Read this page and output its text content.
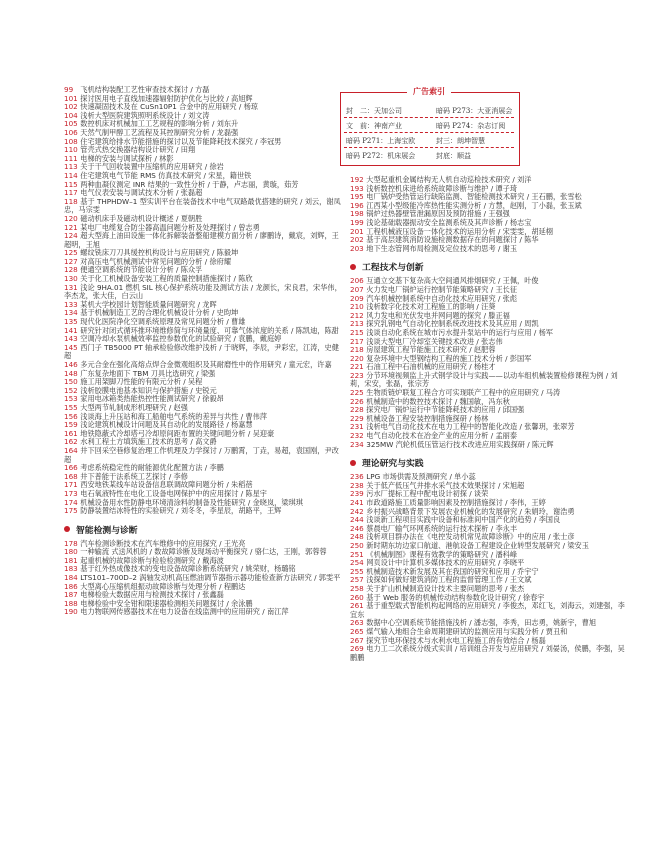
广告索引
封　二：天加公司	暗码 P273：大亚消展会
文　前：神南产业	暗码 P274：杂志订阅
暗码 P271：上海宝欧	封三：朗坤智慧
暗码 P272：机床展会	封底：顺益

99 飞机结构装配工艺性审查技术探讨 / 方磊

101 探讨医用电子直线加速器辐射防护优化与比较 / 高旭辉

102 快速凝固技术及在 CuSn10P1 合金中的应用研究 / 杨琼

104 浅析大型医院建筑照明系统设计 / 刘文涛

105 数控机床对机械加工工艺规程的影响分析 / 刘东升

106 天然气制甲醇工艺流程及其控制研究分析 / 龙磊强

108 住宅建筑给排水节能措施的探讨以及节能降耗技术探究 / 李冠男

110 管壳式热交换器结构设计研究 / 田翔

111 电梯的安装与调试探析 / 林影

113 关于干气回收装置中压缩机的应用研究 / 徐岩

114 住宅建筑电气节能 RMS 仿真技术研究 / 宋星，籍世铁

115 两种血凝仪测定 INR 结果的一致性分析 / 于静，卢志丽，黄璇，茹芳

117 电气仪表安装与调试技术分析 / 张磊超

118 基于 THPHDW–1 型实训平台在装备技术中电气双路最优搭建的研究 / 刘云，谢凤忠，马宗雯

120 磁动机床手及磁动机设计概述 / 夏朝胜

121 某电厂电缆复合防尘器高温问题分析及处理探讨 / 曾志勇

124 超大型海上油田设施一体化拆解装备整船建模方面分析 / 廖鹏诗，戴宸，刘辉，王超明，王旭

125 螺纹铣床刀刀具缓控机构设计与应用研究 / 陈毅坤

127 对高压电气机械测试中常见问题的分析 / 徐府耀

128 便通空调系统的节能设计分析 / 陈众孚

130 关于化工机械设备安装工程的质量控制措施探讨 / 陈欣

131 浅论 9HA.01 燃机 SIL 核心保护系统功能及测试方法 / 龙颜长，宋良君，宋华伟，李杰龙，张大佳，白云山

133 某机大学校园计划智能质量问题研究 / 龙晖

134 基于机械制造工艺的合理化机械设计分析 / 史昀坤

135 现代化医院净化空调系统原理及常见问题分析 / 曹雄

141 研究针对闭式循环推环境维修简与环境量度、可靠气体浓度的关系 / 陈凯迪，陈甜

143 空调冷却水泵机械效率监控参数优化的试验研究 / 袁鹏，戴庭婷

145 西门子 TB5000 PT 轴承检验修改维护浅析 / 于晓辉，李辰，尹彩宏，江涛，史健超

146 多元合金在强化高熔点焊合金微观组织及其耐磨性中的作用研究 / 童元宏，许嘉

148 广东复杂地面下 TBM 刀具比选研究 / 梁强

150 施工用架脚刀性能的有限元分析 / 吴程

152 浅析胶膜电池基本知识与保护措施 / 史锐元

153 家用电冰箱类热能热控性能测试研究 / 徐毅昂

155 大型两节轧制成形机理研究 / 赵强

156 浅谈海上升压站和海工船舶电气系统的差异与共性 / 曹伟萍

159 浅论建筑机械设计问题及其自动化的发展路径 / 杨嘉慧

161 地铁隐蔽式冷却塔弓冷却原间距布置的关键问题分析 / 吴迎豪

162 水利工程土方填筑施工技术的思考 / 高文爵

164 井下回采空巷修复治理工作机理及力学探讨 / 万鹏霄，丁垚，易超，袁国刚，尹改超

166 考虑系统稳定性的耐能源优化配置方法 / 李鹏

168 井下普能干法系统工艺探讨 / 李修

171 西安地铁某线车站设备信息联调故障问题分析 / 朱稻蓓

173 电石氧液特性在电化工设备电网保护中的应用探讨 / 陈星宇

174 机械设备用水性防静电环境清涂料的制备及性能研究 / 金晓岚，梁琪琪

175 防静装置结冰特性的实验研究 / 刘冬冬，李星辰，胡路平，王辉

智能检测与诊断

178 汽车检测诊断技术在汽车维修中的应用探究 / 王光亮

180 一种输流 式送风机的 / 数故障诊断及现场动平衡探究 / 骆仁达，王刚，郭蓉蓉

181 起重机械的故障诊断与检验检测研究 / 戴海波

183 基于红外热成像技术的变电设备故障诊断系统研究 / 姚荣财，杨璐铭

184 LTS101–700D–2 涡轴发动机高压燃油调节器指示器功能检查新方法研究 / 郭雯平

186 大型离心压缩机组振动故障诊断与处理分析 / 程鹏达

187 电梯检验大数据应用与检测技术探讨 / 张鑫磊

188 电梯检验中安全钳和限速器检测相关问题探讨 / 余泳鹏

190 电力物联网传感器技术在电力设备在线监测中的应用研究 / 南江萍

192 大型起重机金属结构无人机自动巡检技术研究 / 刘洋

193 浅析数控机床进给系统故障诊断与维护 / 谭子琦

195 电厂锅炉受热管运行缺陷监测、智能检测技术研究 / 王石鹏，张雪松

196 江西某小型级能冷库热性能实测分析 / 方慧，赵刚，丁小磊，张玉斌

198 锅炉过热器壁管泄漏原因及预防措施 / 王强强

199 浅论基础载器振动安全监测系统及其声诊断 / 杨志宝

201 工程机械液压设备一体化技术的运用分析 / 宋雯雯，胡延栩

202 基于高层建筑消防设施检测数据存在的问题探讨 / 陈华

203 地下生态管网布局检测及定位技术的思考 / 谢玉

工程技术与创新

206 互通立交基下复杂高大空间通风排烟研究 / 王佩，叶俊

207 火力发电厂锅炉运行控制节能策略研究 / 王长征

209 汽车机械控制系统中自动化技术应用研究 / 张彪

210 浅析数字化技术对工程施工的影响 / 汪葵

212 风力发电和光伏发电并网问题的探究 / 滕正福

213 探究乳钢电气自动化控制系统改进技术及其应用 / 周凯

215 浅谈自动化系统在城市污水提升泵站中的运行与应用 / 杨军

217 浅谈大型电厂冷却室关键技术改进 / 张志伟

218 房屋建筑工程节能施工技术研究 / 赵肥蓉

220 复杂环境中大型钢结构工程的施工技术分析 / 彭国军

221 石油工程中石油机械的应用研究 / 杨桂才

223 分节环境视频监上升式钢学设计与实践——以动车组机械装置检修课程为例 / 刘莉，宋安，张磊，张宗芳

225 生物质链炉联复工程合方可实现联产工程中的应用研究 / 马涛

226 机械制造中的数控技术探讨 / 魏国敏，冯东秋

228 探究电厂锅炉运行中节能降耗技术的应用 / 邱国强

229 机械设备工程安装控制措施探研 / 杨林

231 浅析电气自动化技术在电力工程中的智能化改造 / 张馨玥，张翠芳

232 电气自动化技术在冶金产业的应用分析 / 孟丽泰

234 325MW 汽轮机低压管运行技术改进应用实践探研 / 陈元辉

理论研究与实践

236 LPG 市场供需及预测研究 / 单小蕊

238 关于低产低压气井排水采气技术效果探讨 / 宋旭超

239 污水厂提标工程中配电设计初探 / 谈荣

241 市政道路施工质量影响因素及控制措施探讨 / 李伟，王婷

242 乡村振兴战略背景下发展农业机械化的发展研究 / 朱娟玲，谢浩勇

244 浅谈新工程项目实践中设备和标准间中国产化的趋势 / 李国良

246 蔡晨电厂输气环网系统的运行技术探析 / 李永丰

248 浅析项目群办法在《电控发动机常见故障诊断》中的应用 / 张士彦

250 新时期东坊边家口航道、港航设备工程建设企业转型发展研究 / 梁安玉

251 《机械制图》课程有效教学的策略研究 / 潘科峰

254 网页设计中计算机多媒体技术的应用研究 / 李晓平

255 机械制造技术新发展及其在我国的研究和应用 / 乔宇宁

257 浅探如何做好建筑消防工程的监督管理工作 / 王文斌

258 关于扩山机械制造设计技术主要问题的思考 / 张杰

260 基于 Web 服务的机械传动结构参数化设计研究 / 徐春宇

261 基于重型载式智能机构起网络的应用研究 / 李俊杰，邓红飞，刘海云，刘建强，李宜东

263 数据中心空调系统节能措施浅析 / 潘志强，李秀，田志勇，姚新宇，曹旭

265 煤气输入地组合生命周期建研试的监测应用与实践分析 / 贾丑和

267 探究节电环保技术与水利水电工程施工的有效结合 / 杨磊

269 电力工二次系统分级式实训 / 培训组合开发与应用研究 / 刘晏汤，侯鹏，李强，吴鹏鹏
